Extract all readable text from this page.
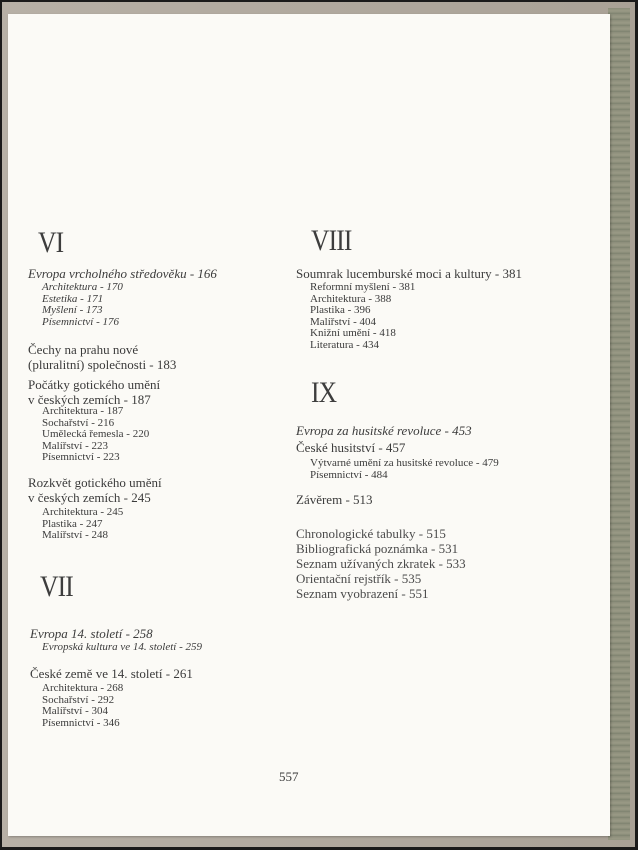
VI
Evropa vrcholného středověku - 166
Architektura - 170
Estetika - 171
Myšlení - 173
Písemnictví - 176
Čechy na prahu nové
(pluralitní) společnosti - 183
Počátky gotického umění
v českých zemích - 187
Architektura - 187
Sochařství - 216
Umělecká řemesla - 220
Malířství - 223
Písemnictví - 223
Rozkvět gotického umění
v českých zemích - 245
Architektura - 245
Plastika - 247
Malířství - 248
VII
Evropa 14. století - 258
Evropská kultura ve 14. století - 259
České země ve 14. století - 261
Architektura - 268
Sochařství - 292
Malířství - 304
Písemnictví - 346
VIII
Soumrak lucemburské moci a kultury - 381
Reformní myšlení - 381
Architektura - 388
Plastika - 396
Malířství - 404
Knižní umění - 418
Literatura - 434
IX
Evropa za husitské revoluce - 453
České husitství - 457
Výtvarné umění za husitské revoluce - 479
Písemnictví - 484
Závěrem - 513
Chronologické tabulky - 515
Bibliografická poznámka - 531
Seznam užívaných zkratek - 533
Orientační rejstřík - 535
Seznam vyobrazení - 551
557
